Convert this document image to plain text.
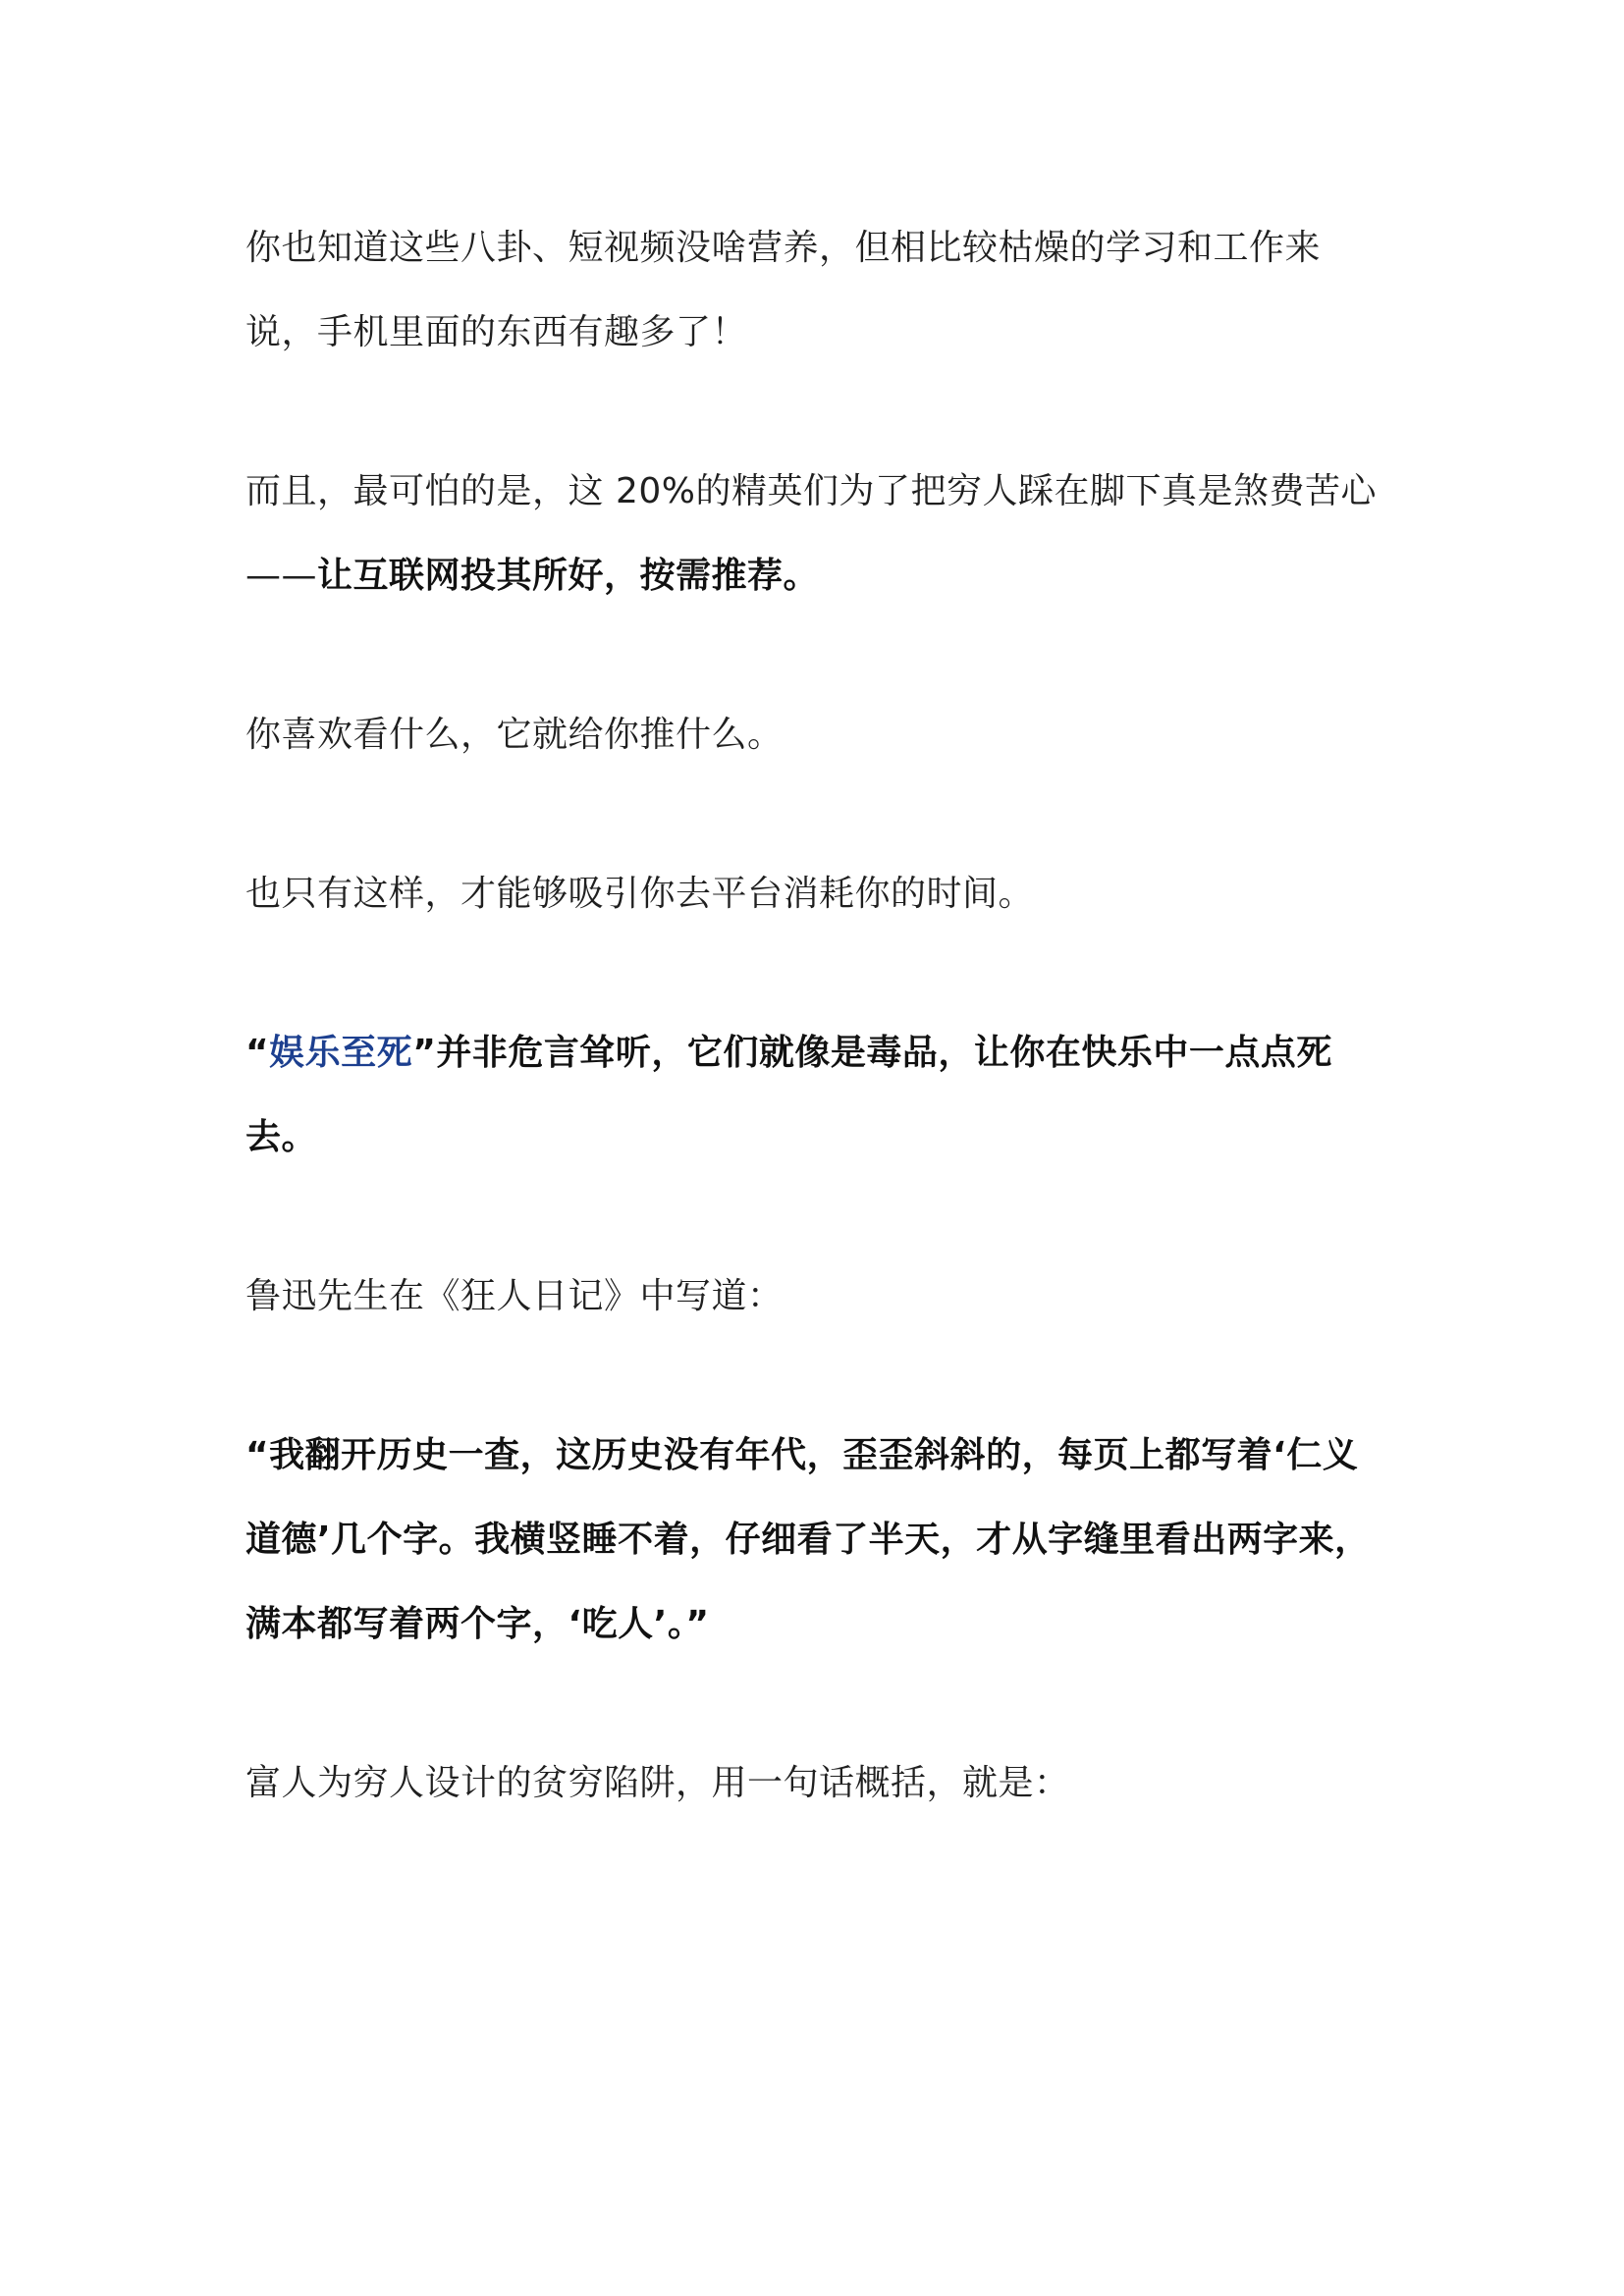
你也知道这些八卦、短视频没啥营养，但相比较枯燥的学习和工作来说，手机里面的东西有趣多了！

而且，最可怕的是，这 20%的精英们为了把穷人踩在脚下真是煞费苦心——让互联网投其所好，按需推荐。

你喜欢看什么，它就给你推什么。

也只有这样，才能够吸引你去平台消耗你的时间。

“娱乐至死”并非危言耸听，它们就像是毒品，让你在快乐中一点点死去。

鲁迅先生在《狂人日记》中写道：

“我翻开历史一查，这历史没有年代，歪歪斜斜的，每页上都写着‘仁义道德’几个字。我横竖睡不着，仔细看了半天，才从字缝里看出两字来，满本都写着两个字，‘吃人’。”

富人为穷人设计的贫穷陷阱，用一句话概括，就是：
